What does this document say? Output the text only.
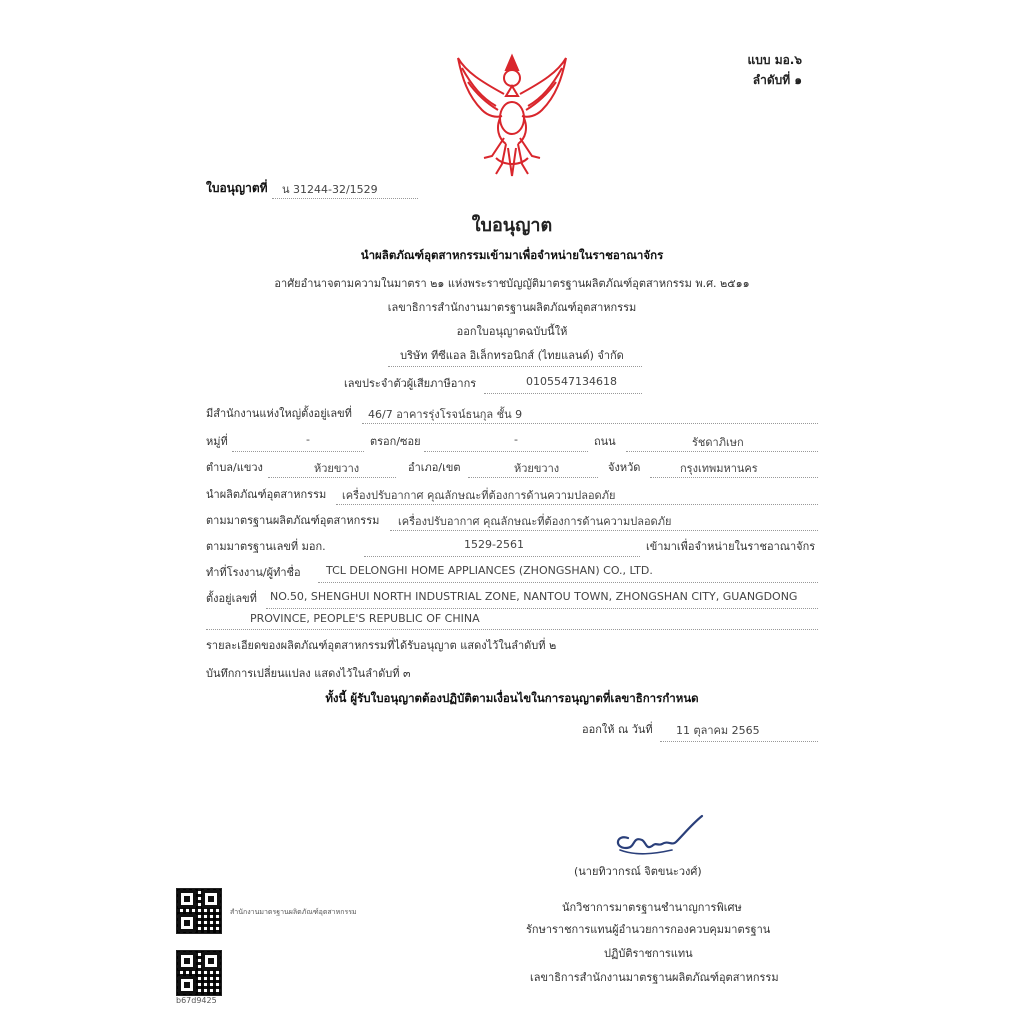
แบบ มอ.๖
ลำดับที่ ๑
ใบอนุญาตที่ น 31244-32/1529
ใบอนุญาต
นำผลิตภัณฑ์อุตสาหกรรมเข้ามาเพื่อจำหน่ายในราชอาณาจักร
อาศัยอำนาจตามความในมาตรา ๒๑ แห่งพระราชบัญญัติมาตรฐานผลิตภัณฑ์อุตสาหกรรม พ.ศ. ๒๕๑๑
เลขาธิการสำนักงานมาตรฐานผลิตภัณฑ์อุตสาหกรรม
ออกใบอนุญาตฉบับนี้ให้
บริษัท ทีซีแอล อิเล็กทรอนิกส์ (ไทยแลนด์) จำกัด
เลขประจำตัวผู้เสียภาษีอากร	0105547134618
มีสำนักงานแห่งใหญ่ตั้งอยู่เลขที่ 46/7 อาคารรุ่งโรจน์ธนกุล ชั้น 9
หมู่ที่	-	ตรอก/ซอย	-	ถนน	รัชดาภิเษก
ตำบล/แขวง	ห้วยขวาง	อำเภอ/เขต	ห้วยขวาง	จังหวัด	กรุงเทพมหานคร
นำผลิตภัณฑ์อุตสาหกรรม เครื่องปรับอากาศ คุณลักษณะที่ต้องการด้านความปลอดภัย
ตามมาตรฐานผลิตภัณฑ์อุตสาหกรรม เครื่องปรับอากาศ คุณลักษณะที่ต้องการด้านความปลอดภัย
ตามมาตรฐานเลขที่ มอก.	1529-2561	เข้ามาเพื่อจำหน่ายในราชอาณาจักร
ทำที่โรงงาน/ผู้ทำชื่อ TCL DELONGHI HOME APPLIANCES (ZHONGSHAN) CO., LTD.
ตั้งอยู่เลขที่ NO.50, SHENGHUI NORTH INDUSTRIAL ZONE, NANTOU TOWN, ZHONGSHAN CITY, GUANGDONG
PROVINCE, PEOPLE'S REPUBLIC OF CHINA
รายละเอียดของผลิตภัณฑ์อุตสาหกรรมที่ได้รับอนุญาต แสดงไว้ในลำดับที่ ๒
บันทึกการเปลี่ยนแปลง แสดงไว้ในลำดับที่ ๓
ทั้งนี้ ผู้รับใบอนุญาตต้องปฏิบัติตามเงื่อนไขในการอนุญาตที่เลขาธิการกำหนด
ออกให้ ณ วันที่ 11 ตุลาคม 2565
(นายทิวากรณ์ จิตขนะวงศ์)
นักวิชาการมาตรฐานชำนาญการพิเศษ
รักษาราชการแทนผู้อำนวยการกองควบคุมมาตรฐาน
ปฏิบัติราชการแทน
เลขาธิการสำนักงานมาตรฐานผลิตภัณฑ์อุตสาหกรรม
สำนักงานมาตรฐานผลิตภัณฑ์อุตสาหกรรม
b67d9425
